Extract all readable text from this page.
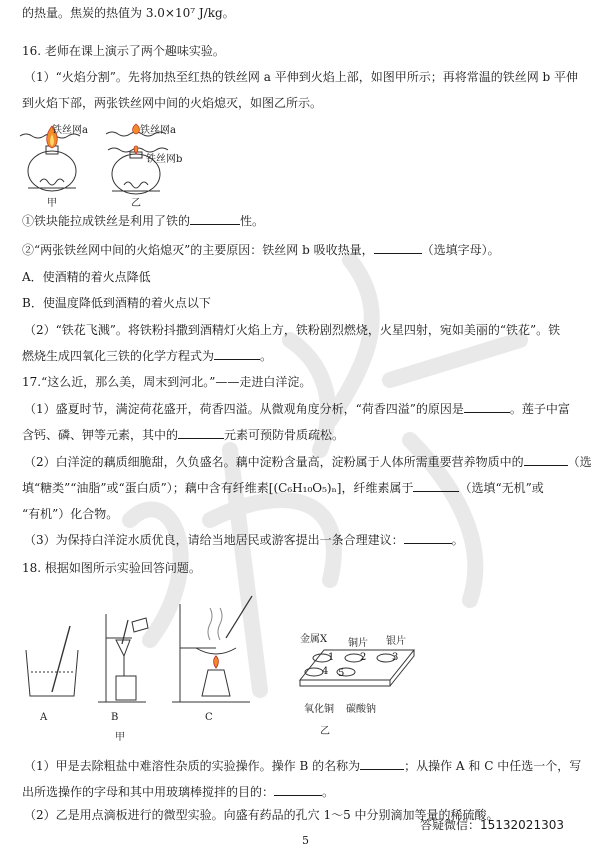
的热量。焦炭的热值为 3.0×10⁷ J/kg。
16. 老师在课上演示了两个趣味实验。
（1）“火焰分割”。先将加热至红热的铁丝网 a 平伸到火焰上部，如图甲所示；再将常温的铁丝网 b 平伸
到火焰下部，两张铁丝网中间的火焰熄灭，如图乙所示。
铁丝网a	铁丝网a
铁丝网b
甲	乙
①铁块能拉成铁丝是利用了铁的	性。
②“两张铁丝网中间的火焰熄灭”的主要原因：铁丝网 b 吸收热量，	（选填字母）。
A．使酒精的着火点降低
B．使温度降低到酒精的着火点以下
（2）“铁花飞溅”。将铁粉抖撒到酒精灯火焰上方，铁粉剧烈燃烧，火星四射，宛如美丽的“铁花”。铁
燃烧生成四氧化三铁的化学方程式为	。
17.“这么近，那么美，周末到河北。”——走进白洋淀。
（1）盛夏时节，满淀荷花盛开，荷香四溢。从微观角度分析，“荷香四溢”的原因是	。莲子中富
含钙、磷、钾等元素，其中的	元素可预防骨质疏松。
（2）白洋淀的藕质细脆甜，久负盛名。藕中淀粉含量高，淀粉属于人体所需重要营养物质中的	（选
填“糖类”“油脂”或“蛋白质”）；藕中含有纤维素[(C₆H₁₀O₅)ₙ]，纤维素属于	（选填“无机”或
“有机”）化合物。
（3）为保持白洋淀水质优良，请给当地居民或游客提出一条合理建议：	。
18. 根据如图所示实验回答问题。
A	B	C
甲
金属X 铜片 银片
1	2	3
4 5
氧化铜 碳酸钠
乙
（1）甲是去除粗盐中难溶性杂质的实验操作。操作 B 的名称为	；从操作 A 和 C 中任选一个，写
出所选操作的字母和其中用玻璃棒搅拌的目的：	。
（2）乙是用点滴板进行的微型实验。向盛有药品的孔穴 1～5 中分别滴加等量的稀硫酸。
答疑微信：15132021303
5
